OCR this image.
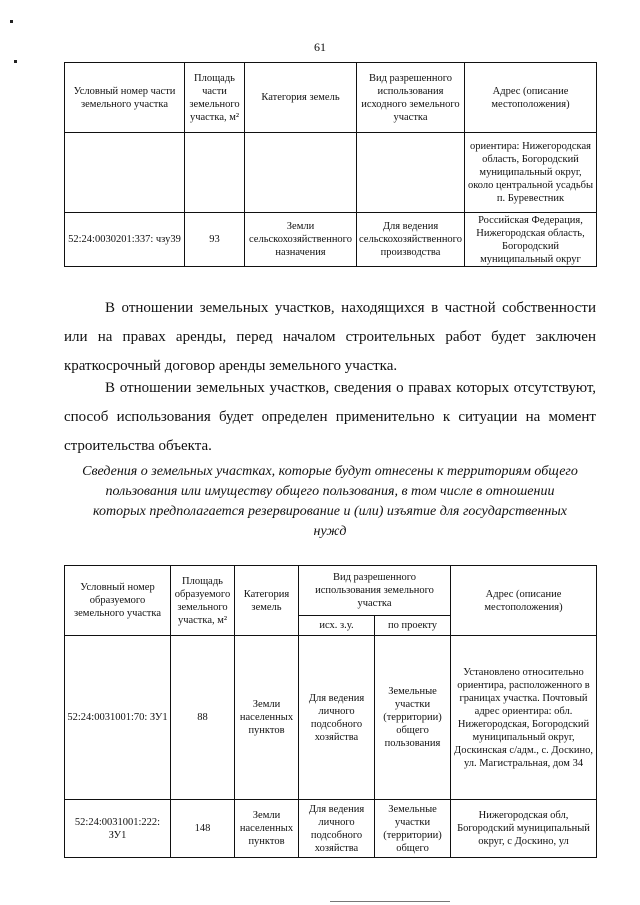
61
Условный номер части земельного участка	Площадь части земельного участка, м²	Категория земель	Вид разрешенного использования исходного земельного участка	Адрес (описание местоположения)
				ориентира: Нижегородская область, Богородский муниципальный округ, около центральной усадьбы п. Буревестник
52:24:0030201:337: чзу39	93	Земли сельскохозяйственного назначения	Для ведения сельскохозяйственного производства	Российская Федерация, Нижегородская область, Богородский муниципальный округ
В отношении земельных участков, находящихся в частной собственности или на правах аренды, перед началом строительных работ будет заключен краткосрочный договор аренды земельного участка.
В отношении земельных участков, сведения о правах которых отсутствуют, способ использования будет определен применительно к ситуации на момент строительства объекта.
Сведения о земельных участках, которые будут отнесены к территориям общего пользования или имуществу общего пользования, в том числе в отношении которых предполагается резервирование и (или) изъятие для государственных нужд
Условный номер образуемого земельного участка	Площадь образуемого земельного участка, м²	Категория земель	Вид разрешенного использования земельного участка		Адрес (описание местоположения)
			исх. з.у.	по проекту	
52:24:0031001:70: ЗУ1	88	Земли населенных пунктов	Для ведения личного подсобного хозяйства	Земельные участки (территории) общего пользования	Установлено относительно ориентира, расположенного в границах участка. Почтовый адрес ориентира: обл. Нижегородская, Богородский муниципальный округ, Доскинская с/адм., с. Доскино, ул. Магистральная, дом 34
52:24:0031001:222: ЗУ1	148	Земли населенных пунктов	Для ведения личного подсобного хозяйства	Земельные участки (территории) общего	Нижегородская обл, Богородский муниципальный округ, с Доскино, ул
